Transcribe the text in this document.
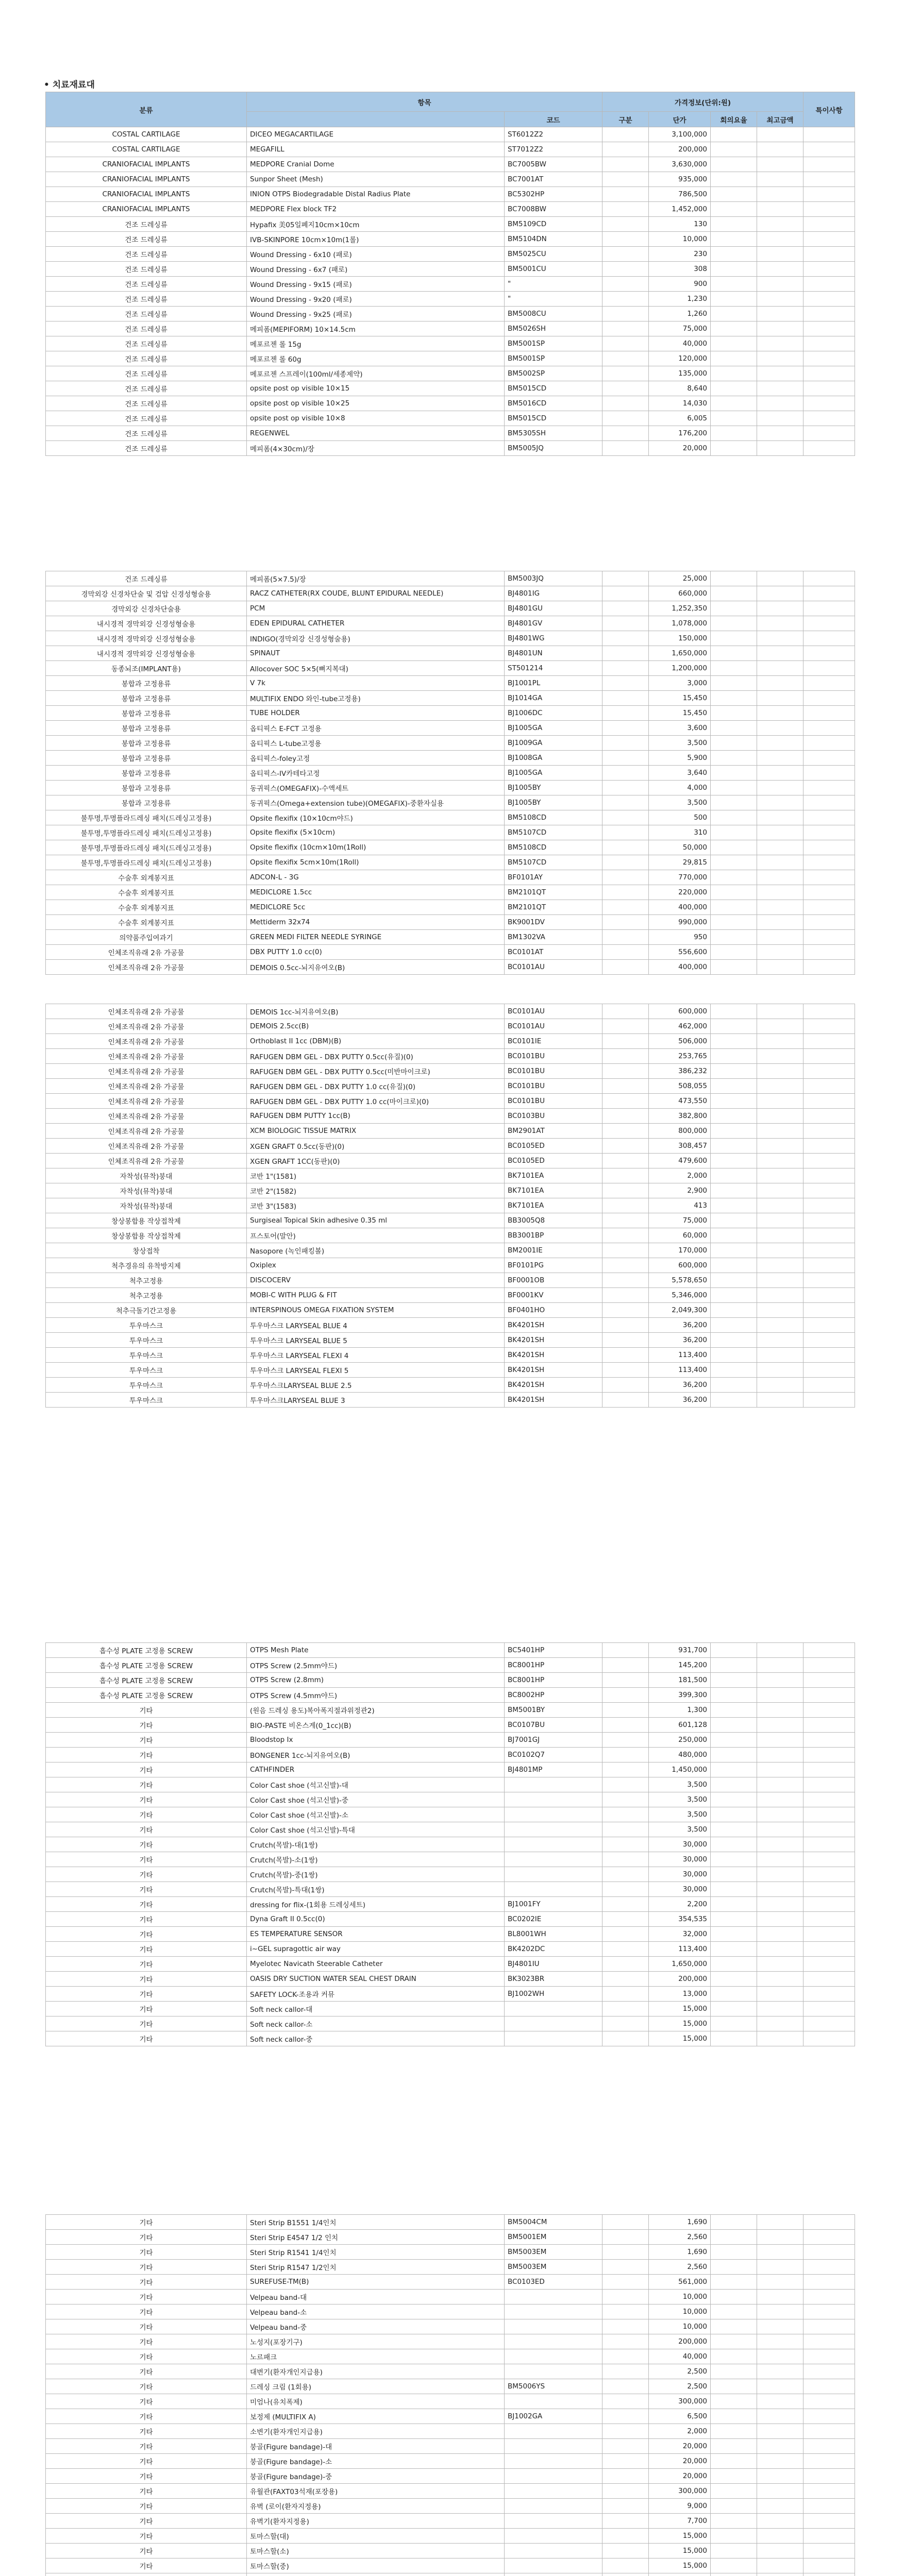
• 치료재료대
분류	항목		가격정보(단위:원)				특이사항
		코드	구분	단가	회의요율	최고금액	
COSTAL CARTILAGE	DICEO MEGACARTILAGE	ST6012Z2		3,100,000			
COSTAL CARTILAGE	MEGAFILL	ST7012Z2		200,000			
CRANIOFACIAL IMPLANTS	MEDPORE Cranial Dome	BC7005BW		3,630,000			
CRANIOFACIAL IMPLANTS	Sunpor Sheet (Mesh)	BC7001AT		935,000			
CRANIOFACIAL IMPLANTS	INION OTPS Biodegradable Distal Radius Plate	BC5302HP		786,500			
CRANIOFACIAL IMPLANTS	MEDPORE Flex block TF2	BC7008BW		1,452,000			
건조 드레싱류	Hypafix 美05일폐지10cm×10cm	BM5109CD		130			
건조 드레싱류	IVB-SKINPORE 10cm×10m(1롤)	BM5104DN		10,000			
건조 드레싱류	Wound Dressing - 6x10 (패로)	BM5025CU		230			
건조 드레싱류	Wound Dressing - 6x7 (패로)	BM5001CU		308			
건조 드레싱류	Wound Dressing - 9x15 (패로)	"		900			
건조 드레싱류	Wound Dressing - 9x20 (패로)	"		1,230			
건조 드레싱류	Wound Dressing - 9x25 (패로)	BM5008CU		1,260			
건조 드레싱류	메피폼(MEPIFORM) 10×14.5cm	BM5026SH		75,000			
건조 드레싱류	메포르젠 롤 15g	BM5001SP		40,000			
건조 드레싱류	메포르젠 롤 60g	BM5001SP		120,000			
건조 드레싱류	메포르젠 스프레이(100ml/세종제약)	BM5002SP		135,000			
건조 드레싱류	opsite post op visible 10×15	BM5015CD		8,640			
건조 드레싱류	opsite post op visible 10×25	BM5016CD		14,030			
건조 드레싱류	opsite post op visible 10×8	BM5015CD		6,005			
건조 드레싱류	REGENWEL	BM5305SH		176,200			
건조 드레싱류	메피폼(4×30cm)/장	BM5005JQ		20,000			
건조 드레싱류	메피폼(5×7.5)/장	BM5003JQ		25,000			
경막외강 신경차단술 및 검압 신경성형술용	RACZ CATHETER(RX COUDE, BLUNT EPIDURAL NEEDLE)	BJ4801IG		660,000			
경막외강 신경차단술용	PCM	BJ4801GU		1,252,350			
내시경적 경막외강 신경성형술용	EDEN EPIDURAL CATHETER	BJ4801GV		1,078,000			
내시경적 경막외강 신경성형술용	INDIGO(경막외강 신경성형술용)	BJ4801WG		150,000			
내시경적 경막외강 신경성형술용	SPINAUT	BJ4801UN		1,650,000			
동종뇌조(IMPLANT용)	Allocover SOC 5×5(뼈지복대)	ST501214		1,200,000			
봉합과 고정용류	V 7k	BJ1001PL		3,000			
봉합과 고정용류	MULTIFIX ENDO 와인-tube고정용)	BJ1014GA		15,450			
봉합과 고정용류	TUBE HOLDER	BJ1006DC		15,450			
봉합과 고정용류	옵티픽스 E-FCT 고정용	BJ1005GA		3,600			
봉합과 고정용류	옵티픽스 L-tube고정용	BJ1009GA		3,500			
봉합과 고정용류	옵티픽스-foley고정	BJ1008GA		5,900			
봉합과 고정용류	옵티픽스-IV카테타고정	BJ1005GA		3,640			
봉합과 고정용류	동귀픽스(OMEGAFIX)-수액세트	BJ1005BY		4,000			
봉합과 고정용류	동귀픽스(Omega+extension tube)(OMEGAFIX)-중환자실용	BJ1005BY		3,500			
불투명,투명플라드레싱 패치(드레싱고정용)	Opsite flexifix (10×10cm야드)	BM5108CD		500			
불투명,투명플라드레싱 패치(드레싱고정용)	Opsite flexifix (5×10cm)	BM5107CD		310			
불투명,투명플라드레싱 패치(드레싱고정용)	Opsite flexifix (10cm×10m(1Roll)	BM5108CD		50,000			
불투명,투명플라드레싱 패치(드레싱고정용)	Opsite flexifix 5cm×10m(1Roll)	BM5107CD		29,815			
수술후 외계봉지표	ADCON-L - 3G	BF0101AY		770,000			
수술후 외계봉지표	MEDICLORE 1.5cc	BM2101QT		220,000			
수술후 외계봉지표	MEDICLORE 5cc	BM2101QT		400,000			
수술후 외계봉지표	Mettiderm 32x74	BK9001DV		990,000			
의약품주입여과기	GREEN MEDI FILTER NEEDLE SYRINGE	BM1302VA		950			
인체조직유래 2유 가공물	DBX PUTTY 1.0 cc(0)	BC0101AT		556,600			
인체조직유래 2유 가공물	DEMOIS 0.5cc-뇌지유여오(B)	BC0101AU		400,000			
인체조직유래 2유 가공물	DEMOIS 1cc-뇌지유여오(B)	BC0101AU		600,000			
인체조직유래 2유 가공물	DEMOIS 2.5cc(B)	BC0101AU		462,000			
인체조직유래 2유 가공물	Orthoblast II 1cc (DBM)(B)	BC0101IE		506,000			
인체조직유래 2유 가공물	RAFUGEN DBM GEL - DBX PUTTY 0.5cc(유질)(0)	BC0101BU		253,765			
인체조직유래 2유 가공물	RAFUGEN DBM GEL - DBX PUTTY 0.5cc(미반마이크로)	BC0101BU		386,232			
인체조직유래 2유 가공물	RAFUGEN DBM GEL - DBX PUTTY 1.0 cc(유질)(0)	BC0101BU		508,055			
인체조직유래 2유 가공물	RAFUGEN DBM GEL - DBX PUTTY 1.0 cc(마이크로)(0)	BC0101BU		473,550			
인체조직유래 2유 가공물	RAFUGEN DBM PUTTY 1cc(B)	BC0103BU		382,800			
인체조직유래 2유 가공물	XCM BIOLOGIC TISSUE MATRIX	BM2901AT		800,000			
인체조직유래 2유 가공물	XGEN GRAFT 0.5cc(동판)(0)	BC0105ED		308,457			
인체조직유래 2유 가공물	XGEN GRAFT 1CC(동판)(0)	BC0105ED		479,600			
자착성(뮤착)붕대	코반 1"(1581)	BK7101EA		2,000			
자착성(뮤착)붕대	코반 2"(1582)	BK7101EA		2,900			
자착성(뮤착)붕대	코반 3"(1583)	BK7101EA		413			
창상봉합용 작상접착제	Surgiseal Topical Skin adhesive 0.35 ml	BB3005Q8		75,000			
창상봉합용 작상접착제	프스토어(말안)	BB3001BP		60,000			
창상접착	Nasopore (녹인패킹볼)	BM2001IE		170,000			
척추경유의 유착방지제	Oxiplex	BF0101PG		600,000			
척추고정용	DISCOCERV	BF0001OB		5,578,650			
척추고정용	MOBI-C WITH PLUG & FIT	BF0001KV		5,346,000			
척추극돌기간고정용	INTERSPINOUS OMEGA FIXATION SYSTEM	BF0401HO		2,049,300			
투우마스크	투우마스크 LARYSEAL BLUE 4	BK4201SH		36,200			
투우마스크	투우마스크 LARYSEAL BLUE 5	BK4201SH		36,200			
투우마스크	투우마스크 LARYSEAL FLEXI 4	BK4201SH		113,400			
투우마스크	투우마스크 LARYSEAL FLEXI 5	BK4201SH		113,400			
투우마스크	투우마스크LARYSEAL BLUE 2.5	BK4201SH		36,200			
투우마스크	투우마스크LARYSEAL BLUE 3	BK4201SH		36,200			
흡수성 PLATE 고정용 SCREW	OTPS Mesh Plate	BC5401HP		931,700			
흡수성 PLATE 고정용 SCREW	OTPS Screw (2.5mm야드)	BC8001HP		145,200			
흡수성 PLATE 고정용 SCREW	OTPS Screw (2.8mm)	BC8001HP		181,500			
흡수성 PLATE 고정용 SCREW	OTPS Screw (4.5mm야드)	BC8002HP		399,300			
기타	(원음 드레싱 용도)복아폭지절과위정관2)	BM5001BY		1,300			
기타	BIO-PASTE 비온스계(0_1cc)(B)	BC0107BU		601,128			
기타	Bloodstop Ix	BJ7001GJ		250,000			
기타	BONGENER 1cc-뇌지유여오(B)	BC0102Q7		480,000			
기타	CATHFINDER	BJ4801MP		1,450,000			
기타	Color Cast shoe (석고신발)-대			3,500			
기타	Color Cast shoe (석고신발)-중			3,500			
기타	Color Cast shoe (석고신발)-소			3,500			
기타	Color Cast shoe (석고신발)-특대			3,500			
기타	Crutch(목발)-대(1쌍)			30,000			
기타	Crutch(목발)-소(1쌍)			30,000			
기타	Crutch(목발)-중(1쌍)			30,000			
기타	Crutch(목발)-특대(1쌍)			30,000			
기타	dressing for flix-(1회용 드레싱세트)	BJ1001FY		2,200			
기타	Dyna Graft II 0.5cc(0)	BC0202IE		354,535			
기타	ES TEMPERATURE SENSOR	BL8001WH		32,000			
기타	i~GEL supragottic air way	BK4202DC		113,400			
기타	Myelotec Navicath Steerable Catheter	BJ4801IU		1,650,000			
기타	OASIS DRY SUCTION WATER SEAL CHEST DRAIN	BK3023BR		200,000			
기타	SAFETY LOCK-조용과 커뮤	BJ1002WH		13,000			
기타	Soft neck callor-대			15,000			
기타	Soft neck callor-소			15,000			
기타	Soft neck callor-중			15,000			
기타	Steri Strip B1551 1/4인치	BM5004CM		1,690			
기타	Steri Strip E4547 1/2 인치	BM5001EM		2,560			
기타	Steri Strip R1541 1/4인치	BM5003EM		1,690			
기타	Steri Strip R1547 1/2인치	BM5003EM		2,560			
기타	SUREFUSE-TM(B)	BC0103ED		561,000			
기타	Velpeau band-대			10,000			
기타	Velpeau band-소			10,000			
기타	Velpeau band-중			10,000			
기타	노성지(포장기구)			200,000			
기타	노르패크			40,000			
기타	대변기(환자개인지급용)			2,500			
기타	드레싱 크림 (1회용)	BM5006YS		2,500			
기타	미엄나(유치폭제)			300,000			
기타	보정제 (MULTIFIX A)	BJ1002GA		6,500			
기타	소변기(환자개인지급용)			2,000			
기타	붕골(Figure bandage)-대			20,000			
기타	붕골(Figure bandage)-소			20,000			
기타	붕골(Figure bandage)-중			20,000			
기타	유월관(FAXT03석재(포장용)			300,000			
기타	유벽 (로이(환자지정용)			9,000			
기타	유벽기(환자지정용)			7,700			
기타	토마스할(대)			15,000			
기타	토마스할(소)			15,000			
기타	토마스할(중)			15,000			
